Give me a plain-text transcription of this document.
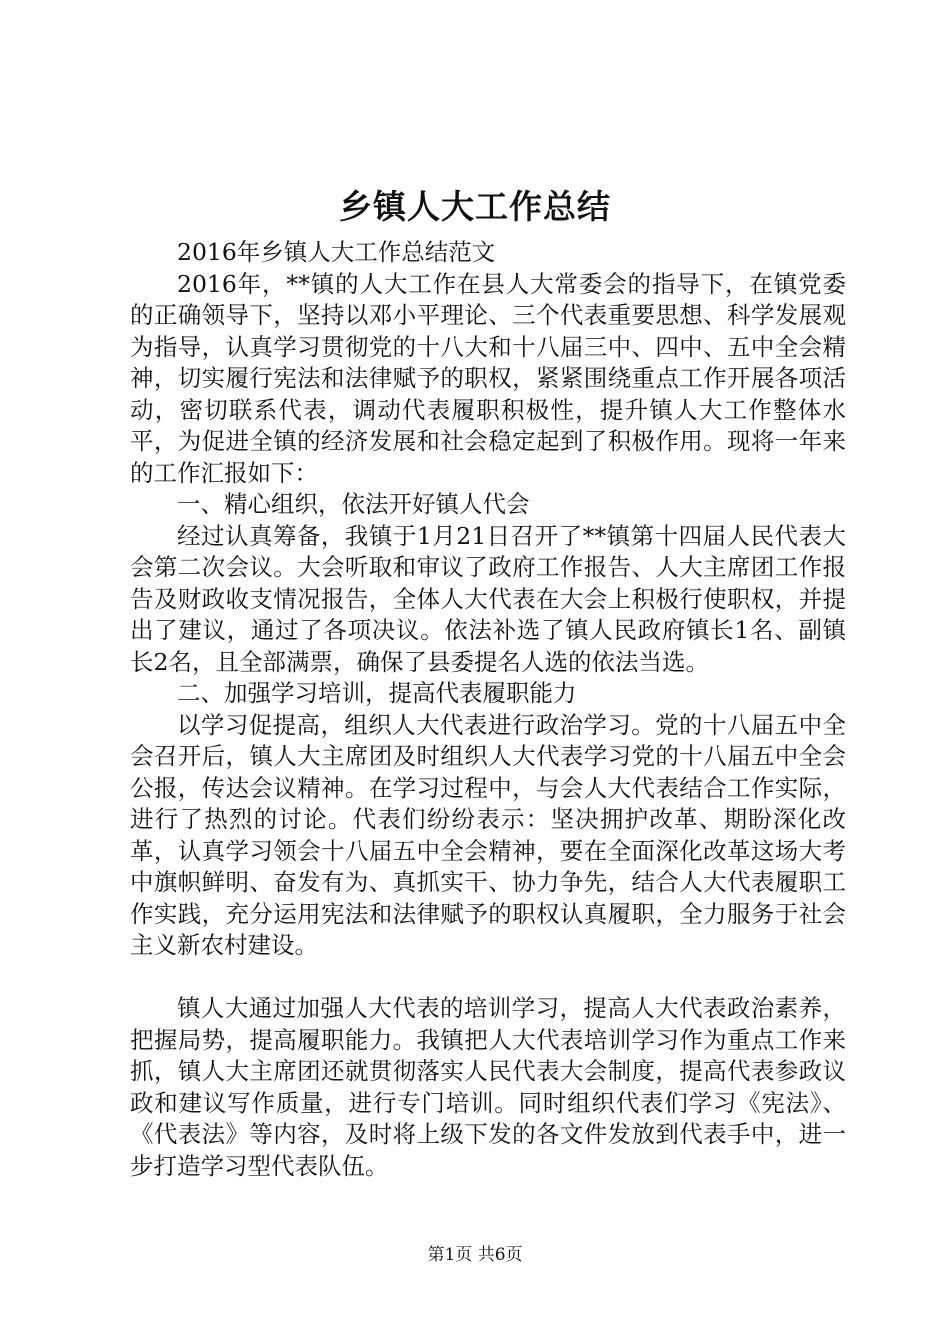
乡镇人大工作总结

2016年乡镇人大工作总结范文

2016年，**镇的人大工作在县人大常委会的指导下，在镇党委的正确领导下，坚持以邓小平理论、三个代表重要思想、科学发展观为指导，认真学习贯彻党的十八大和十八届三中、四中、五中全会精神，切实履行宪法和法律赋予的职权，紧紧围绕重点工作开展各项活动，密切联系代表，调动代表履职积极性，提升镇人大工作整体水平，为促进全镇的经济发展和社会稳定起到了积极作用。现将一年来的工作汇报如下：

一、精心组织，依法开好镇人代会

经过认真筹备，我镇于1月21日召开了**镇第十四届人民代表大会第二次会议。大会听取和审议了政府工作报告、人大主席团工作报告及财政收支情况报告，全体人大代表在大会上积极行使职权，并提出了建议，通过了各项决议。依法补选了镇人民政府镇长1名、副镇长2名，且全部满票，确保了县委提名人选的依法当选。

二、加强学习培训，提高代表履职能力

以学习促提高，组织人大代表进行政治学习。党的十八届五中全会召开后，镇人大主席团及时组织人大代表学习党的十八届五中全会公报，传达会议精神。在学习过程中，与会人大代表结合工作实际，进行了热烈的讨论。代表们纷纷表示：坚决拥护改革、期盼深化改革，认真学习领会十八届五中全会精神，要在全面深化改革这场大考中旗帜鲜明、奋发有为、真抓实干、协力争先，结合人大代表履职工作实践，充分运用宪法和法律赋予的职权认真履职，全力服务于社会主义新农村建设。

镇人大通过加强人大代表的培训学习，提高人大代表政治素养，把握局势，提高履职能力。我镇把人大代表培训学习作为重点工作来抓，镇人大主席团还就贯彻落实人民代表大会制度，提高代表参政议政和建议写作质量，进行专门培训。同时组织代表们学习《宪法》、《代表法》等内容，及时将上级下发的各文件发放到代表手中，进一步打造学习型代表队伍。

第1页 共6页
